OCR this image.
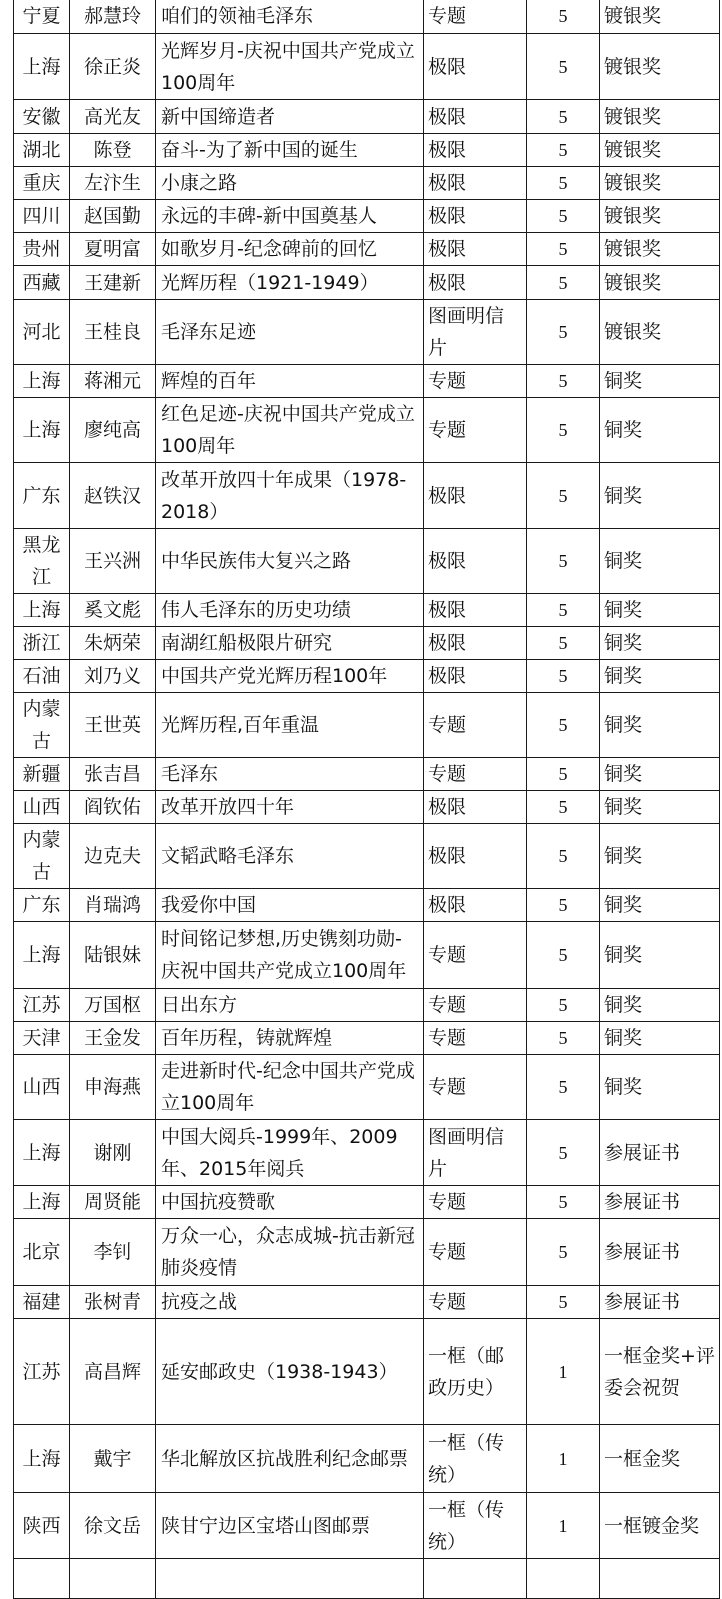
宁夏	郝慧玲	咱们的领袖毛泽东	专题	5	镀银奖
上海	徐正炎	光辉岁月-庆祝中国共产党成立100周年	极限	5	镀银奖
安徽	高光友	新中国缔造者	极限	5	镀银奖
湖北	陈登	奋斗-为了新中国的诞生	极限	5	镀银奖
重庆	左汴生	小康之路	极限	5	镀银奖
四川	赵国勤	永远的丰碑-新中国奠基人	极限	5	镀银奖
贵州	夏明富	如歌岁月-纪念碑前的回忆	极限	5	镀银奖
西藏	王建新	光辉历程（1921-1949）	极限	5	镀银奖
河北	王桂良	毛泽东足迹	图画明信片	5	镀银奖
上海	蒋湘元	辉煌的百年	专题	5	铜奖
上海	廖纯高	红色足迹-庆祝中国共产党成立100周年	专题	5	铜奖
广东	赵铁汉	改革开放四十年成果（1978-2018）	极限	5	铜奖
黑龙江	王兴洲	中华民族伟大复兴之路	极限	5	铜奖
上海	奚文彪	伟人毛泽东的历史功绩	极限	5	铜奖
浙江	朱炳荣	南湖红船极限片研究	极限	5	铜奖
石油	刘乃义	中国共产党光辉历程100年	极限	5	铜奖
内蒙古	王世英	光辉历程,百年重温	专题	5	铜奖
新疆	张吉昌	毛泽东	专题	5	铜奖
山西	阎钦佑	改革开放四十年	极限	5	铜奖
内蒙古	边克夫	文韬武略毛泽东	极限	5	铜奖
广东	肖瑞鸿	我爱你中国	极限	5	铜奖
上海	陆银妹	时间铭记梦想,历史镌刻功勋-庆祝中国共产党成立100周年	专题	5	铜奖
江苏	万国枢	日出东方	专题	5	铜奖
天津	王金发	百年历程，铸就辉煌	专题	5	铜奖
山西	申海燕	走进新时代-纪念中国共产党成立100周年	专题	5	铜奖
上海	谢刚	中国大阅兵-1999年、2009年、2015年阅兵	图画明信片	5	参展证书
上海	周贤能	中国抗疫赞歌	专题	5	参展证书
北京	李钊	万众一心，众志成城-抗击新冠肺炎疫情	专题	5	参展证书
福建	张树青	抗疫之战	专题	5	参展证书
江苏	高昌辉	延安邮政史（1938-1943）	一框（邮政历史）	1	一框金奖+评委会祝贺
上海	戴宇	华北解放区抗战胜利纪念邮票	一框（传统）	1	一框金奖
陕西	徐文岳	陕甘宁边区宝塔山图邮票	一框（传统）	1	一框镀金奖
